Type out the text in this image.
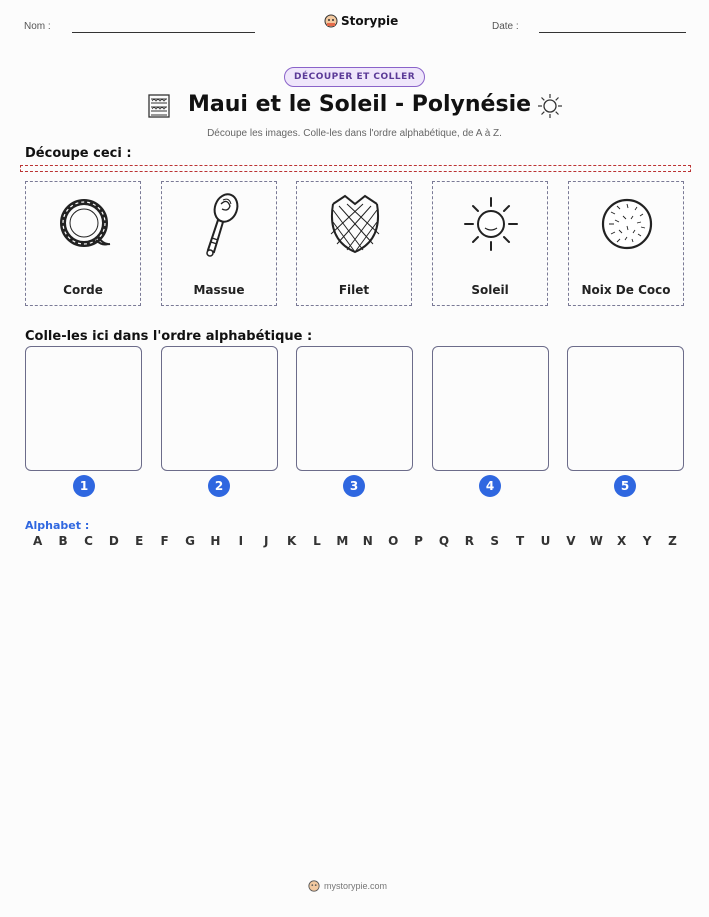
Nom :	Storypie	Date :
DÉCOUPER ET COLLER
Maui et le Soleil - Polynésie
Découpe les images. Colle-les dans l'ordre alphabétique, de A à Z.
Découpe ceci :
Corde	Massue	Filet	Soleil	Noix De Coco
Colle-les ici dans l'ordre alphabétique :
1	2	3	4	5
Alphabet :
A	B	C	D	E	F	G	H	I	J	K	L	M	N	O	P	Q	R	S	T	U	V	W	X	Y	Z
mystorypie.com
